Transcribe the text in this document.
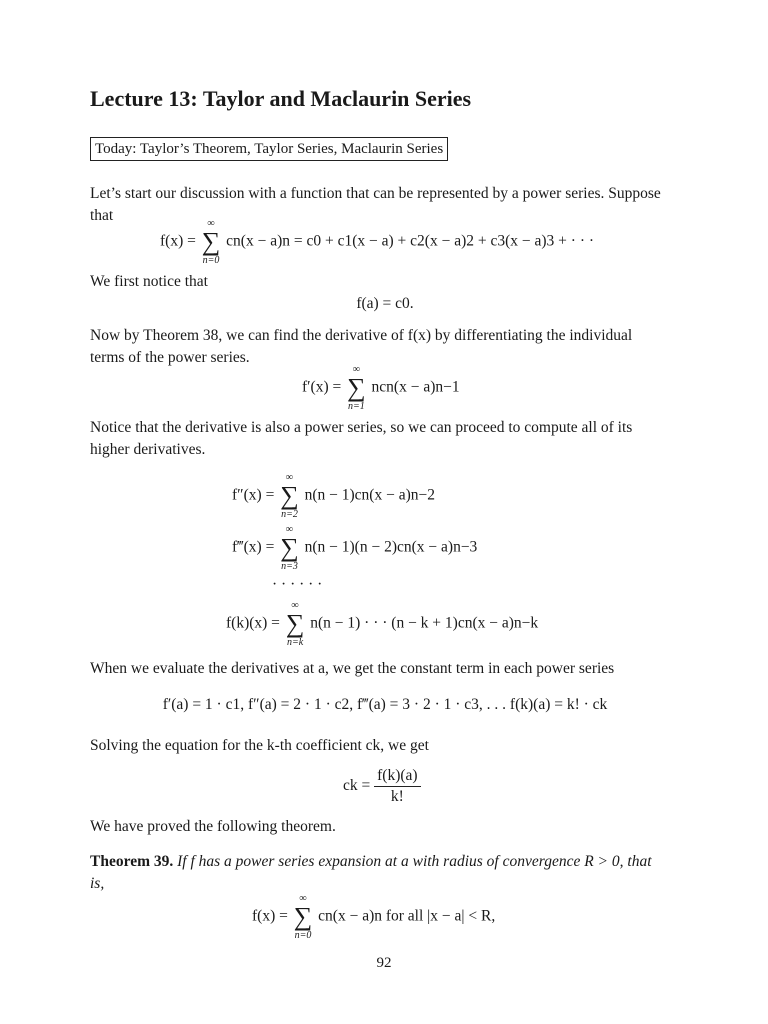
Lecture 13: Taylor and Maclaurin Series
Today: Taylor’s Theorem, Taylor Series, Maclaurin Series
Let’s start our discussion with a function that can be represented by a power series. Suppose
that
f(x) =
∞
∑
n=0
cn(x − a)n = c0 + c1(x − a) + c2(x − a)2 + c3(x − a)3 + · · ·
We first notice that
f(a) = c0.
Now by Theorem 38, we can find the derivative of f(x) by differentiating the individual
terms of the power series.
f′(x) =
∞
∑
n=1
ncn(x − a)n−1
Notice that the derivative is also a power series, so we can proceed to compute all of its
higher derivatives.
f″(x) =
∞
∑
n=2
n(n − 1)cn(x − a)n−2
f‴(x) =
∞
∑
n=3
n(n − 1)(n − 2)cn(x − a)n−3
· · · · · ·
f(k)(x) =
∞
∑
n=k
n(n − 1) · · · (n − k + 1)cn(x − a)n−k
When we evaluate the derivatives at a, we get the constant term in each power series
f′(a) = 1 · c1, f″(a) = 2 · 1 · c2, f‴(a) = 3 · 2 · 1 · c3, . . . f(k)(a) = k! · ck
Solving the equation for the k-th coefficient ck, we get
ck = $\frac{f(k)(a)}{k!}$
We have proved the following theorem.
Theorem 39. If f has a power series expansion at a with radius of convergence R > 0, that
is,
f(x) =
∞
∑
n=0
cn(x − a)n for all |x − a| < R,
92
